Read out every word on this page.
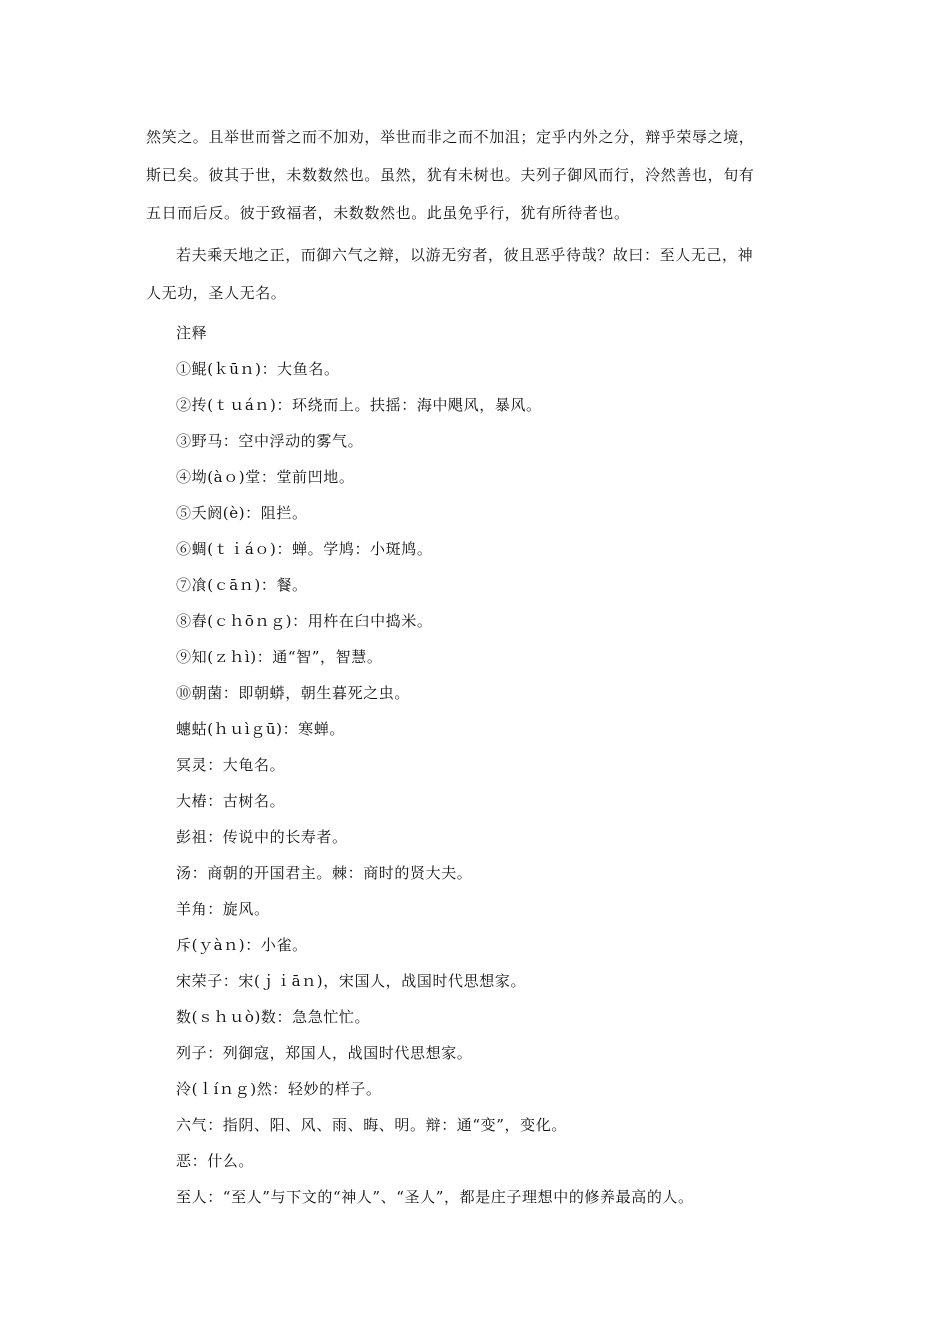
然笑之。且举世而誉之而不加劝，举世而非之而不加沮；定乎内外之分，辩乎荣辱之境，
斯已矣。彼其于世，未数数然也。虽然，犹有未树也。夫列子御风而行，泠然善也，旬有
五日而后反。彼于致福者，未数数然也。此虽免乎行，犹有所待者也。

若夫乘天地之正，而御六气之辩，以游无穷者，彼且恶乎待哉？故曰：至人无己，神
人无功，圣人无名。

注释

①鲲(ｋūｎ)：大鱼名。
②抟(ｔｕáｎ)：环绕而上。扶摇：海中飓风，暴风。
③野马：空中浮动的雾气。
④坳(àｏ)堂：堂前凹地。
⑤夭阏(è)：阻拦。
⑥蜩(ｔｉáｏ)：蝉。学鸠：小斑鸠。
⑦飡(ｃāｎ)：餐。
⑧舂(ｃｈōｎｇ)：用杵在臼中捣米。
⑨知(ｚｈì)：通“智”，智慧。
⑩朝菌：即朝蟒，朝生暮死之虫。
蟪蛄(ｈｕìｇū)：寒蝉。
冥灵：大龟名。
大椿：古树名。
彭祖：传说中的长寿者。
汤：商朝的开国君主。棘：商时的贤大夫。
羊角：旋风。
斥(ｙàｎ)：小雀。
宋荣子：宋(ｊｉāｎ)，宋国人，战国时代思想家。
数(ｓｈｕò)数：急急忙忙。
列子：列御寇，郑国人，战国时代思想家。
泠(ｌíｎｇ)然：轻妙的样子。
六气：指阴、阳、风、雨、晦、明。辩：通“变”，变化。
恶：什么。
至人：“至人”与下文的“神人”、“圣人”，都是庄子理想中的修养最高的人。
